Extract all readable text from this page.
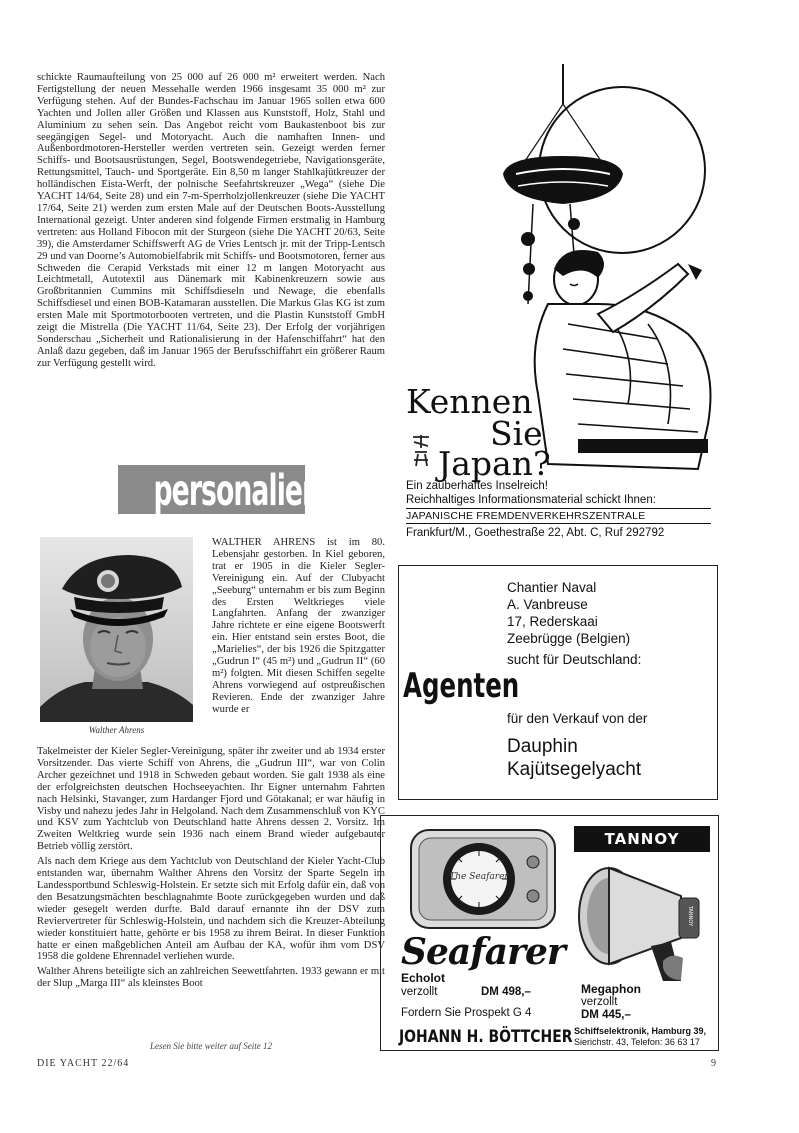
schickte Raumaufteilung von 25 000 auf 26 000 m² erweitert werden. Nach Fertigstellung der neuen Messehalle werden 1966 insgesamt 35 000 m² zur Verfügung stehen. Auf der Bundes-Fachschau im Januar 1965 sollen etwa 600 Yachten und Jollen aller Größen und Klassen aus Kunststoff, Holz, Stahl und Aluminium zu sehen sein. Das Angebot reicht vom Baukastenboot bis zur seegängigen Segel- und Motoryacht. Auch die namhaften Innen- und Außenbordmotoren-Hersteller werden vertreten sein. Gezeigt werden ferner Schiffs- und Bootsausrüstungen, Segel, Bootswendegetriebe, Navigationsgeräte, Rettungsmittel, Tauch- und Sportgeräte. Ein 8,50 m langer Stahlkajütkreuzer der holländischen Eista-Werft, der polnische Seefahrtskreuzer „Wega“ (siehe Die YACHT 14/64, Seite 28) und ein 7-m-Sperrholzjollenkreuzer (siehe Die YACHT 17/64, Seite 21) werden zum ersten Male auf der Deutschen Boots-Ausstellung International gezeigt. Unter anderen sind folgende Firmen erstmalig in Hamburg vertreten: aus Holland Fibocon mit der Sturgeon (siehe Die YACHT 20/63, Seite 39), die Amsterdamer Schiffswerft AG de Vries Lentsch jr. mit der Tripp-Lentsch 29 und van Doorne’s Automobielfabrik mit Schiffs- und Bootsmotoren, ferner aus Schweden die Cerapid Verkstads mit einer 12 m langen Motoryacht aus Leichtmetall, Autotextil aus Dänemark mit Kabinenkreuzern sowie aus Großbritannien Cummins mit Schiffsdieseln und Newage, die ebenfalls Schiffsdiesel und einen BOB-Katamaran ausstellen. Die Markus Glas KG ist zum ersten Male mit Sportmotorbooten vertreten, und die Plastin Kunststoff GmbH zeigt die Mistrella (Die YACHT 11/64, Seite 23). Der Erfolg der vorjährigen Sonderschau „Sicherheit und Rationalisierung in der Hafenschiffahrt“ hat den Anlaß dazu gegeben, daß im Januar 1965 der Berufsschiffahrt ein größerer Raum zur Verfügung gestellt wird.

personalien
Walther Ahrens
WALTHER AHRENS ist im 80. Lebensjahr gestorben. In Kiel geboren, trat er 1905 in die Kieler Segler-Vereinigung ein. Auf der Clubyacht „Seeburg“ unternahm er bis zum Beginn des Ersten Weltkrieges viele Langfahrten. Anfang der zwanziger Jahre richtete er eine eigene Bootswerft ein. Hier entstand sein erstes Boot, die „Marielies“, der bis 1926 die Spitzgatter „Gudrun I“ (45 m²) und „Gudrun II“ (60 m²) folgten. Mit diesen Schiffen segelte Ahrens vorwiegend auf ostpreußischen Revieren. Ende der zwanziger Jahre wurde er

Takelmeister der Kieler Segler-Vereinigung, später ihr zweiter und ab 1934 erster Vorsitzender. Das vierte Schiff von Ahrens, die „Gudrun III“, war von Colin Archer gezeichnet und 1918 in Schweden gebaut worden. Sie galt 1938 als eine der erfolgreichsten deutschen Hochseeyachten. Ihr Eigner unternahm Fahrten nach Helsinki, Stavanger, zum Hardanger Fjord und Götakanal; er war häufig in Visby und nahezu jedes Jahr in Helgoland. Nach dem Zusammenschluß von KYC und KSV zum Yachtclub von Deutschland hatte Ahrens dessen 2. Vorsitz. Im Zweiten Weltkrieg wurde sein 1936 nach einem Brand wieder aufgebauter Betrieb völlig zerstört.

Als nach dem Kriege aus dem Yachtclub von Deutschland der Kieler Yacht-Club entstanden war, übernahm Walther Ahrens den Vorsitz der Sparte Segeln im Landessportbund Schleswig-Holstein. Er setzte sich mit Erfolg dafür ein, daß von den Besatzungsmächten beschlagnahmte Boote zurückgegeben wurden und daß wieder gesegelt werden durfte. Bald darauf ernannte ihn der DSV zum Reviervertreter für Schleswig-Holstein, und nachdem sich die Kreuzer-Abteilung wieder konstituiert hatte, gehörte er bis 1958 zu ihrem Beirat. In dieser Funktion hatte er einen maßgeblichen Anteil am Aufbau der KA, wofür ihm vom DSV 1958 die goldene Ehrennadel verliehen wurde.

Walther Ahrens beteiligte sich an zahlreichen Seewettfahrten. 1933 gewann er mit der Slup „Marga III“ als kleinstes Boot

Lesen Sie bitte weiter auf Seite 12
DIE YACHT 22/64	9
Kennen
Sie
Japan?
Ein zauberhaftes Inselreich!
Reichhaltiges Informationsmaterial schickt Ihnen:
JAPANISCHE FREMDENVERKEHRSZENTRALE
Frankfurt/M., Goethestraße 22, Abt. C, Ruf 292792
Chantier Naval
A. Vanbreuse
17, Rederskaai
Zeebrügge (Belgien)
sucht für Deutschland:
Agenten
für den Verkauf von der
Dauphin
Kajütsegelyacht
The Seafarer
TANNOY
TANNOY
Seafarer
Echolot
verzollt	DM 498,–
Fordern Sie Prospekt G 4
Megaphon
verzollt
DM 445,–
JOHANN H. BÖTTCHER Schiffselektronik, Hamburg 39,
Sierichstr. 43, Telefon: 36 63 17
